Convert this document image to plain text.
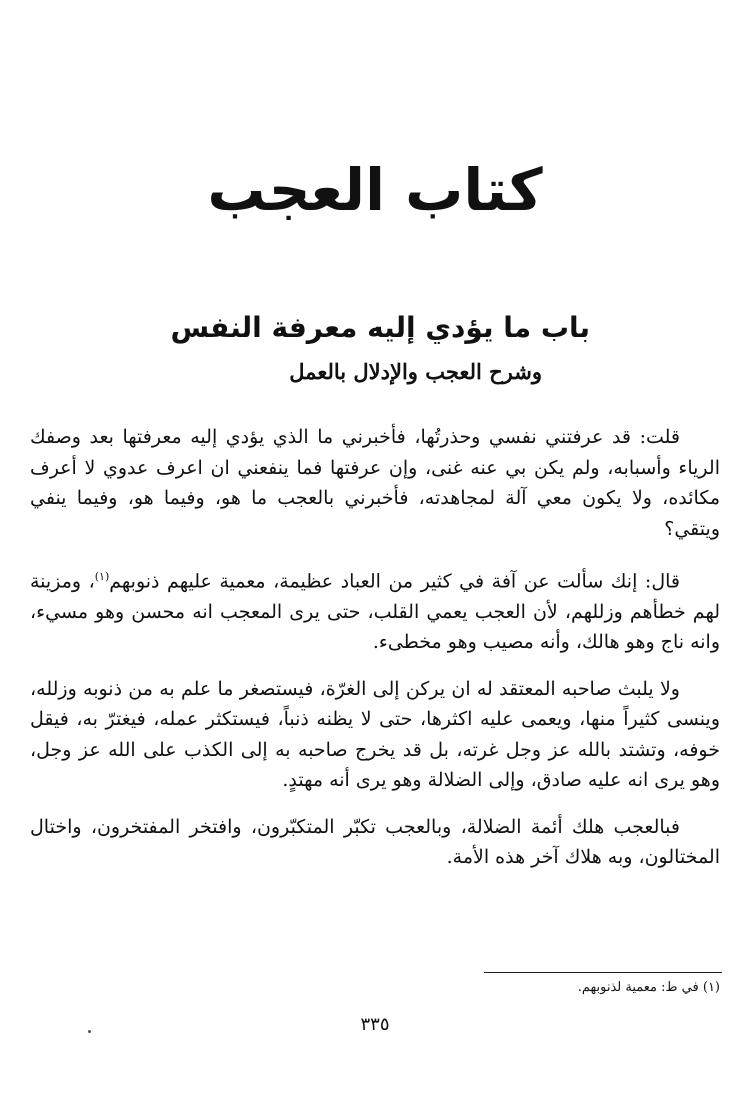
كتاب العجب
باب ما يؤدي إليه معرفة النفس
وشرح العجب والإدلال بالعمل

قلت: قد عرفتني نفسي وحذرتُها، فأخبرني ما الذي يؤدي إليه معرفتها بعد وصفك الرياء وأسبابه، ولم يكن بي عنه غنى، وإن عرفتها فما ينفعني ان اعرف عدوي لا أعرف مكائده، ولا يكون معي آلة لمجاهدته، فأخبرني بالعجب ما هو، وفيما هو، وفيما ينفي ويتقي؟

قال: إنك سألت عن آفة في كثير من العباد عظيمة، معمية عليهم ذنوبهم$^{(١)}$، ومزينة لهم خطأهم وزللهم، لأن العجب يعمي القلب، حتى يرى المعجب انه محسن وهو مسيء، وانه ناج وهو هالك، وأنه مصيب وهو مخطىء.

ولا يلبث صاحبه المعتقد له ان يركن إلى الغرّة، فيستصغر ما علم به من ذنوبه وزلله، وينسى كثيراً منها، ويعمى عليه اكثرها، حتى لا يظنه ذنباً، فيستكثر عمله، فيغترّ به، فيقل خوفه، وتشتد بالله عز وجل غرته، بل قد يخرج صاحبه به إلى الكذب على الله عز وجل، وهو يرى انه عليه صادق، وإلى الضلالة وهو يرى أنه مهتدٍ.

فبالعجب هلك أئمة الضلالة، وبالعجب تكبّر المتكبّرون، وافتخر المفتخرون، واختال المختالون، وبه هلاك آخر هذه الأمة.

(١) في ط: معمية لذنوبهم.
٣٣٥
